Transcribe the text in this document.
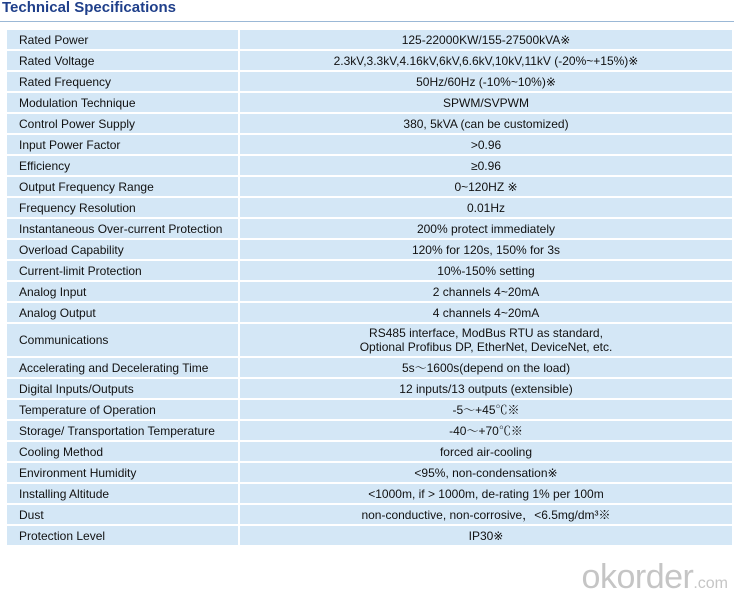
Technical Specifications
Rated Power	125-22000KW/155-27500kVA※

Rated Voltage	2.3kV,3.3kV,4.16kV,6kV,6.6kV,10kV,11kV (-20%~+15%)※

Rated Frequency	50Hz/60Hz (-10%~10%)※

Modulation Technique	SPWM/SVPWM

Control Power Supply	380, 5kVA (can be customized)

Input Power Factor	>0.96

Efficiency	≥0.96

Output Frequency Range	0~120HZ ※

Frequency Resolution	0.01Hz

Instantaneous Over-current Protection	200% protect immediately

Overload Capability	120% for 120s, 150% for 3s

Current-limit Protection	10%-150% setting

Analog Input	2 channels 4~20mA

Analog Output	4 channels 4~20mA

Communications	RS485 interface, ModBus RTU as standard,
Optional Profibus DP, EtherNet, DeviceNet, etc.

Accelerating and Decelerating Time	5s～1600s(depend on the load)

Digital Inputs/Outputs	12 inputs/13 outputs (extensible)

Temperature of Operation	-5～+45℃※

Storage/ Transportation Temperature	-40～+70℃※

Cooling Method	forced air-cooling

Environment Humidity	<95%, non-condensation※

Installing Altitude	<1000m, if > 1000m, de-rating 1% per 100m

Dust	non-conductive, non-corrosive，<6.5mg/dm³※

Protection Level	IP30※
okorder.com
